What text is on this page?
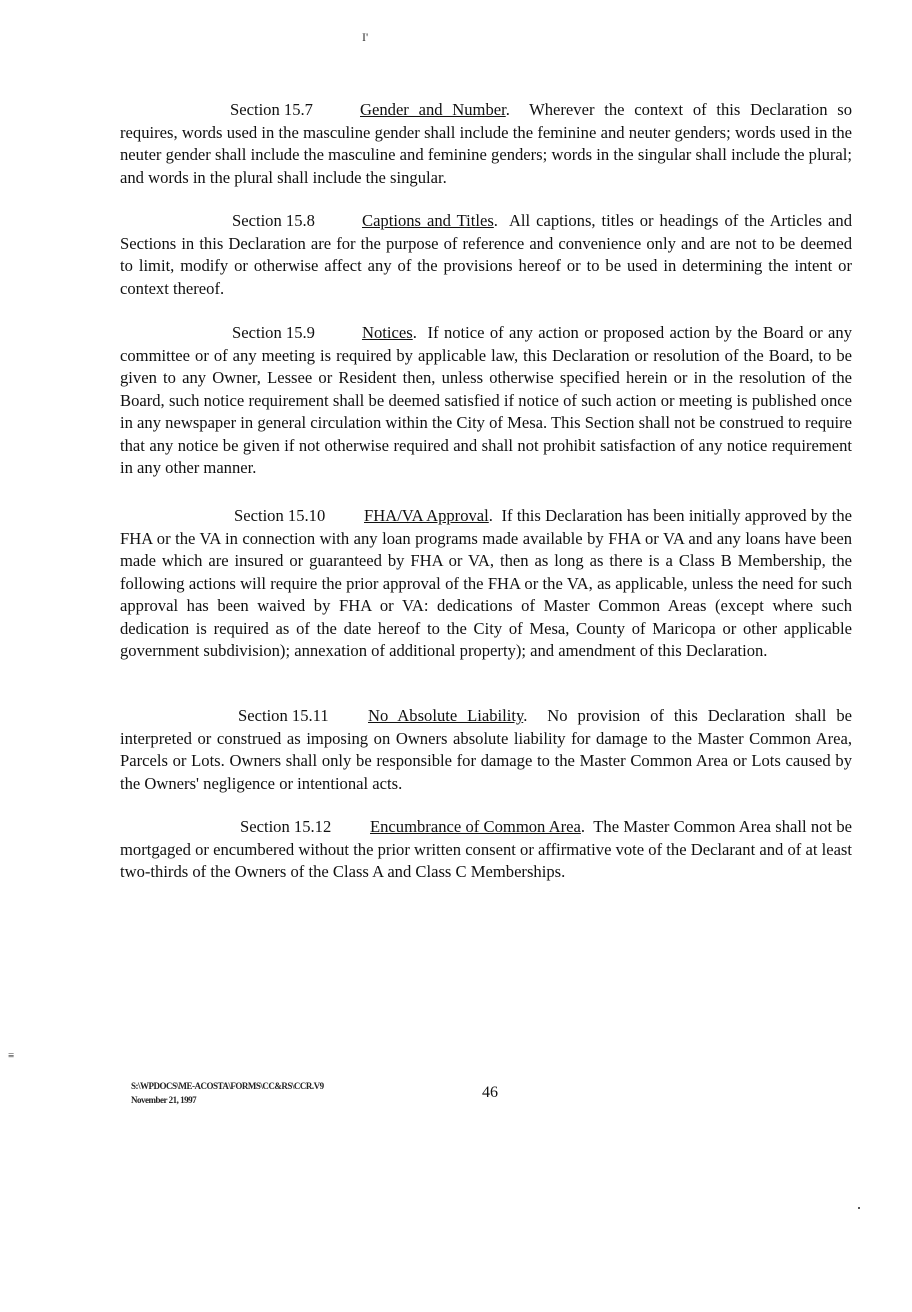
I'
≡
Section 15.7	Gender and Number.  Wherever the context of this Declaration so requires, words used in the masculine gender shall include the feminine and neuter genders; words used in the neuter gender shall include the masculine and feminine genders; words in the singular shall include the plural; and words in the plural shall include the singular.
Section 15.8	Captions and Titles.  All captions, titles or headings of the Articles and Sections in this Declaration are for the purpose of reference and convenience only and are not to be deemed to limit, modify or otherwise affect any of the provisions hereof or to be used in determining the intent or context thereof.
Section 15.9	Notices.  If notice of any action or proposed action by the Board or any committee or of any meeting is required by applicable law, this Declaration or resolution of the Board, to be given to any Owner, Lessee or Resident then, unless otherwise specified herein or in the resolution of the Board, such notice requirement shall be deemed satisfied if notice of such action or meeting is published once in any newspaper in general circulation within the City of Mesa. This Section shall not be construed to require that any notice be given if not otherwise required and shall not prohibit satisfaction of any notice requirement in any other manner.
Section 15.10 FHA/VA Approval.  If this Declaration has been initially approved by the FHA or the VA in connection with any loan programs made available by FHA or VA and any loans have been made which are insured or guaranteed by FHA or VA, then as long as there is a Class B Membership, the following actions will require the prior approval of the FHA or the VA, as applicable, unless the need for such approval has been waived by FHA or VA: dedications of Master Common Areas (except where such dedication is required as of the date hereof to the City of Mesa, County of Maricopa or other applicable government subdivision); annexation of additional property); and amendment of this Declaration.
Section 15.11 No Absolute Liability.  No provision of this Declaration shall be interpreted or construed as imposing on Owners absolute liability for damage to the Master Common Area, Parcels or Lots. Owners shall only be responsible for damage to the Master Common Area or Lots caused by the Owners' negligence or intentional acts.
Section 15.12 Encumbrance of Common Area.  The Master Common Area shall not be mortgaged or encumbered without the prior written consent or affirmative vote of the Declarant and of at least two-thirds of the Owners of the Class A and Class C Memberships.
S:\WPDOCS\ME-ACOSTA\FORMS\CC&RS\CCR.V9
November 21, 1997	46
